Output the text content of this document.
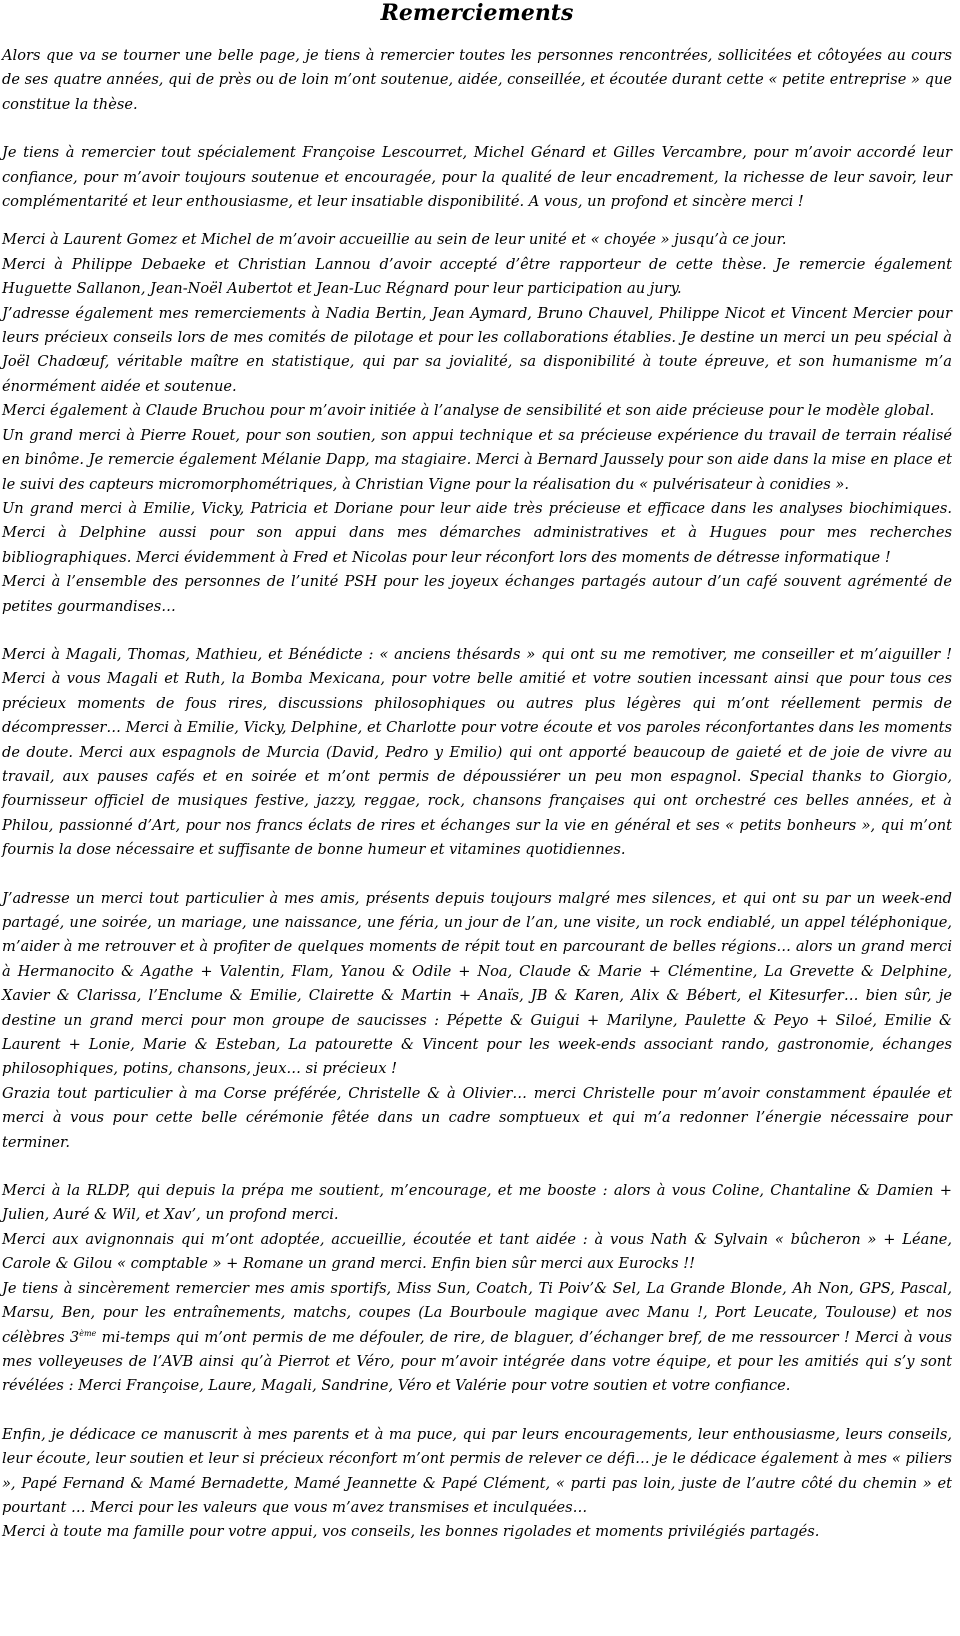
Remerciements

Alors que va se tourner une belle page, je tiens à remercier toutes les personnes rencontrées, sollicitées et côtoyées au cours de ses quatre années, qui de près ou de loin m’ont soutenue, aidée, conseillée, et écoutée durant cette « petite entreprise » que constitue la thèse.

Je tiens à remercier tout spécialement Françoise Lescourret, Michel Génard et Gilles Vercambre, pour m’avoir accordé leur confiance, pour m’avoir toujours soutenue et encouragée, pour la qualité de leur encadrement, la richesse de leur savoir, leur complémentarité et leur enthousiasme, et leur insatiable disponibilité. A vous, un profond et sincère merci !

Merci à Laurent Gomez et Michel de m’avoir accueillie au sein de leur unité et « choyée » jusqu’à ce jour.

Merci à Philippe Debaeke et Christian Lannou d’avoir accepté d’être rapporteur de cette thèse. Je remercie également Huguette Sallanon, Jean-Noël Aubertot et Jean-Luc Régnard pour leur participation au jury.

J’adresse également mes remerciements à Nadia Bertin, Jean Aymard, Bruno Chauvel, Philippe Nicot et Vincent Mercier pour leurs précieux conseils lors de mes comités de pilotage et pour les collaborations établies. Je destine un merci un peu spécial à Joël Chadœuf, véritable maître en statistique, qui par sa jovialité, sa disponibilité à toute épreuve, et son humanisme m’a énormément aidée et soutenue.

Merci également à Claude Bruchou pour m’avoir initiée à l’analyse de sensibilité et son aide précieuse pour le modèle global.

Un grand merci à Pierre Rouet, pour son soutien, son appui technique et sa précieuse expérience du travail de terrain réalisé en binôme. Je remercie également Mélanie Dapp, ma stagiaire. Merci à Bernard Jaussely pour son aide dans la mise en place et le suivi des capteurs micromorphométriques, à Christian Vigne pour la réalisation du « pulvérisateur à conidies ».

Un grand merci à Emilie, Vicky, Patricia et Doriane pour leur aide très précieuse et efficace dans les analyses biochimiques. Merci à Delphine aussi pour son appui dans mes démarches administratives et à Hugues pour mes recherches bibliographiques. Merci évidemment à Fred et Nicolas pour leur réconfort lors des moments de détresse informatique !

Merci à l’ensemble des personnes de l’unité PSH pour les joyeux échanges partagés autour d’un café souvent agrémenté de petites gourmandises…

Merci à Magali, Thomas, Mathieu, et Bénédicte : « anciens thésards » qui ont su me remotiver, me conseiller et m’aiguiller ! Merci à vous Magali et Ruth, la Bomba Mexicana, pour votre belle amitié et votre soutien incessant ainsi que pour tous ces précieux moments de fous rires, discussions philosophiques ou autres plus légères qui m’ont réellement permis de décompresser… Merci à Emilie, Vicky, Delphine, et Charlotte pour votre écoute et vos paroles réconfortantes dans les moments de doute. Merci aux espagnols de Murcia (David, Pedro y Emilio) qui ont apporté beaucoup de gaieté et de joie de vivre au travail, aux pauses cafés et en soirée et m’ont permis de dépoussiérer un peu mon espagnol. Special thanks to Giorgio, fournisseur officiel de musiques festive, jazzy, reggae, rock, chansons françaises qui ont orchestré ces belles années, et à Philou, passionné d’Art, pour nos francs éclats de rires et échanges sur la vie en général et ses « petits bonheurs », qui m’ont fournis la dose nécessaire et suffisante de bonne humeur et vitamines quotidiennes.

J’adresse un merci tout particulier à mes amis, présents depuis toujours malgré mes silences, et qui ont su par un week-end partagé, une soirée, un mariage, une naissance, une féria, un jour de l’an, une visite, un rock endiablé, un appel téléphonique, m’aider à me retrouver et à profiter de quelques moments de répit tout en parcourant de belles régions… alors un grand merci à Hermanocito & Agathe + Valentin, Flam, Yanou & Odile + Noa, Claude & Marie + Clémentine, La Grevette & Delphine, Xavier & Clarissa, l’Enclume & Emilie, Clairette & Martin + Anaïs, JB & Karen, Alix & Bébert, el Kitesurfer… bien sûr, je destine un grand merci pour mon groupe de saucisses : Pépette & Guigui + Marilyne, Paulette & Peyo + Siloé, Emilie & Laurent + Lonie, Marie & Esteban, La patourette & Vincent pour les week-ends associant rando, gastronomie, échanges philosophiques, potins, chansons, jeux… si précieux !

Grazia tout particulier à ma Corse préférée, Christelle & à Olivier… merci Christelle pour m’avoir constamment épaulée et merci à vous pour cette belle cérémonie fêtée dans un cadre somptueux et qui m’a redonner l’énergie nécessaire pour terminer.

Merci à la RLDP, qui depuis la prépa me soutient, m’encourage, et me booste : alors à vous Coline, Chantaline & Damien + Julien, Auré & Wil, et Xav’, un profond merci.

Merci aux avignonnais qui m’ont adoptée, accueillie, écoutée et tant aidée : à vous Nath & Sylvain « bûcheron » + Léane, Carole & Gilou « comptable » + Romane un grand merci. Enfin bien sûr merci aux Eurocks !!

Je tiens à sincèrement remercier mes amis sportifs, Miss Sun, Coatch, Ti Poiv’& Sel, La Grande Blonde, Ah Non, GPS, Pascal, Marsu, Ben, pour les entraînements, matchs, coupes (La Bourboule magique avec Manu !, Port Leucate, Toulouse) et nos célèbres 3ème mi-temps qui m’ont permis de me défouler, de rire, de blaguer, d’échanger bref, de me ressourcer ! Merci à vous mes volleyeuses de l’AVB ainsi qu’à Pierrot et Véro, pour m’avoir intégrée dans votre équipe, et pour les amitiés qui s’y sont révélées : Merci Françoise, Laure, Magali, Sandrine, Véro et Valérie pour votre soutien et votre confiance.

Enfin, je dédicace ce manuscrit à mes parents et à ma puce, qui par leurs encouragements, leur enthousiasme, leurs conseils, leur écoute, leur soutien et leur si précieux réconfort m’ont permis de relever ce défi… je le dédicace également à mes « piliers », Papé Fernand & Mamé Bernadette, Mamé Jeannette & Papé Clément, « parti pas loin, juste de l’autre côté du chemin » et pourtant … Merci pour les valeurs que vous m’avez transmises et inculquées…

Merci à toute ma famille pour votre appui, vos conseils, les bonnes rigolades et moments privilégiés partagés.
